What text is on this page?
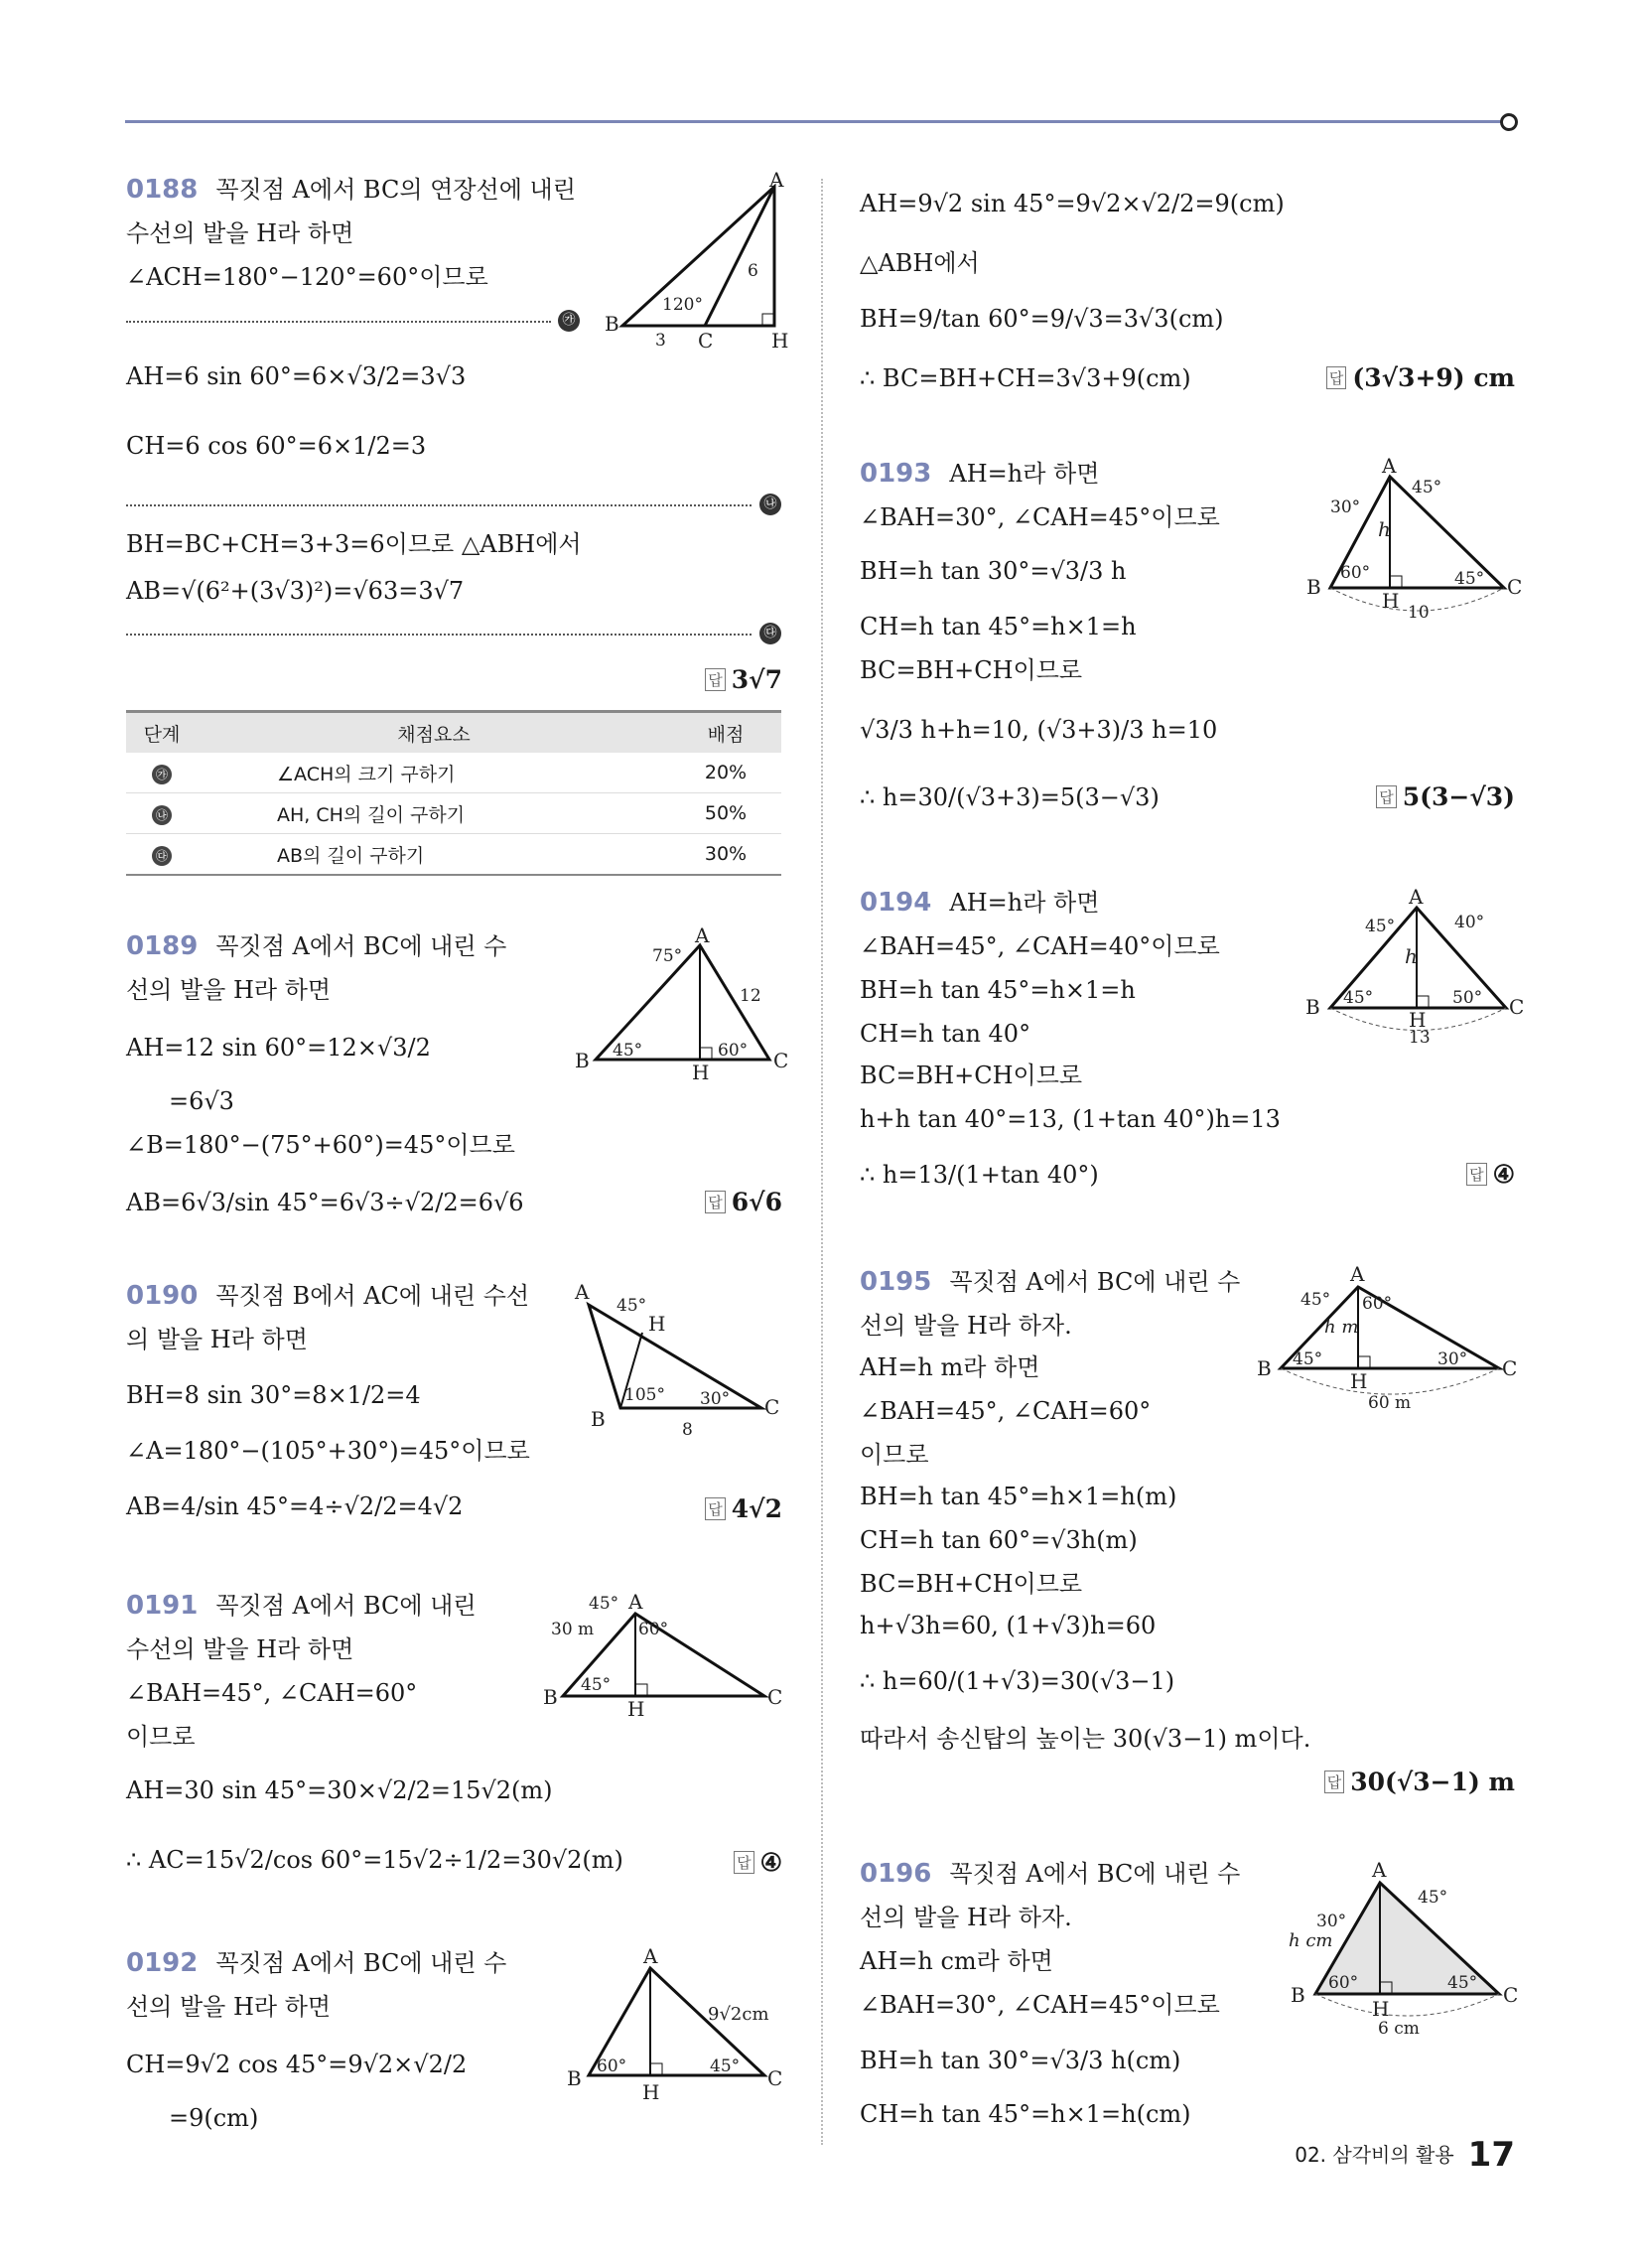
0188 꼭짓점 A에서 BC의 연장선에 내린
수선의 발을 H라 하면
∠ACH=180°−120°=60°이므로
㉮
AH=6 sin 60°=6×√3/2=3√3
CH=6 cos 60°=6×1/2=3
㉯
BH=BC+CH=3+3=6이므로 △ABH에서
AB=√(6²+(3√3)²)=√63=3√7
㉰
답 3√7
A
B
C	H
120°
3
6
단계	채점요소	배점
㉮	∠ACH의 크기 구하기	20%
㉯	AH, CH의 길이 구하기	50%
㉰	AB의 길이 구하기	30%
0189 꼭짓점 A에서 BC에 내린 수
선의 발을 H라 하면
AH=12 sin 60°=12×√3/2
=6√3
∠B=180°−(75°+60°)=45°이므로
AB=6√3/sin 45°=6√3÷√2/2=6√6	답 6√6
A
B	C
H
75°
45°	60°
12
0190 꼭짓점 B에서 AC에 내린 수선
의 발을 H라 하면
BH=8 sin 30°=8×1/2=4
∠A=180°−(105°+30°)=45°이므로
AB=4/sin 45°=4÷√2/2=4√2	답 4√2
A
B	C
H
45°
105° 30°
8
0191 꼭짓점 A에서 BC에 내린
수선의 발을 H라 하면
∠BAH=45°, ∠CAH=60°
이므로
AH=30 sin 45°=30×√2/2=15√2(m)
∴ AC=15√2/cos 60°=15√2÷1/2=30√2(m)	답 ④
A
B	C
H
45°
60°
45°
30 m
0192 꼭짓점 A에서 BC에 내린 수
선의 발을 H라 하면
CH=9√2 cos 45°=9√2×√2/2
=9(cm)
A
B	C
H
60°	45°
9√2cm
AH=9√2 sin 45°=9√2×√2/2=9(cm)
△ABH에서
BH=9/tan 60°=9/√3=3√3(cm)
∴ BC=BH+CH=3√3+9(cm)	답 (3√3+9) cm
0193 AH=h라 하면
∠BAH=30°, ∠CAH=45°이므로
BH=h tan 30°=√3/3 h
CH=h tan 45°=h×1=h
BC=BH+CH이므로
√3/3 h+h=10, (√3+3)/3 h=10
∴ h=30/(√3+3)=5(3−√3)	답 5(3−√3)
A
B	C
H
h
30°
45°
60°	45°
10
0194 AH=h라 하면
∠BAH=45°, ∠CAH=40°이므로
BH=h tan 45°=h×1=h
CH=h tan 40°
BC=BH+CH이므로
h+h tan 40°=13, (1+tan 40°)h=13
∴ h=13/(1+tan 40°)	답 ④
A
B	C
H
h
45°	40°
45°	50°
13
0195 꼭짓점 A에서 BC에 내린 수
선의 발을 H라 하자.
AH=h m라 하면
∠BAH=45°, ∠CAH=60°
이므로
BH=h tan 45°=h×1=h(m)
CH=h tan 60°=√3h(m)
BC=BH+CH이므로
h+√3h=60, (1+√3)h=60
∴ h=60/(1+√3)=30(√3−1)
따라서 송신탑의 높이는 30(√3−1) m이다.
답 30(√3−1) m
A
B	C
H
h m
45° 60°
45°	30°
60 m
0196 꼭짓점 A에서 BC에 내린 수
선의 발을 H라 하자.
AH=h cm라 하면
∠BAH=30°, ∠CAH=45°이므로
BH=h tan 30°=√3/3 h(cm)
CH=h tan 45°=h×1=h(cm)
A
B	C
H
h cm
30°
45°
60°	45°
6 cm
02. 삼각비의 활용 17
